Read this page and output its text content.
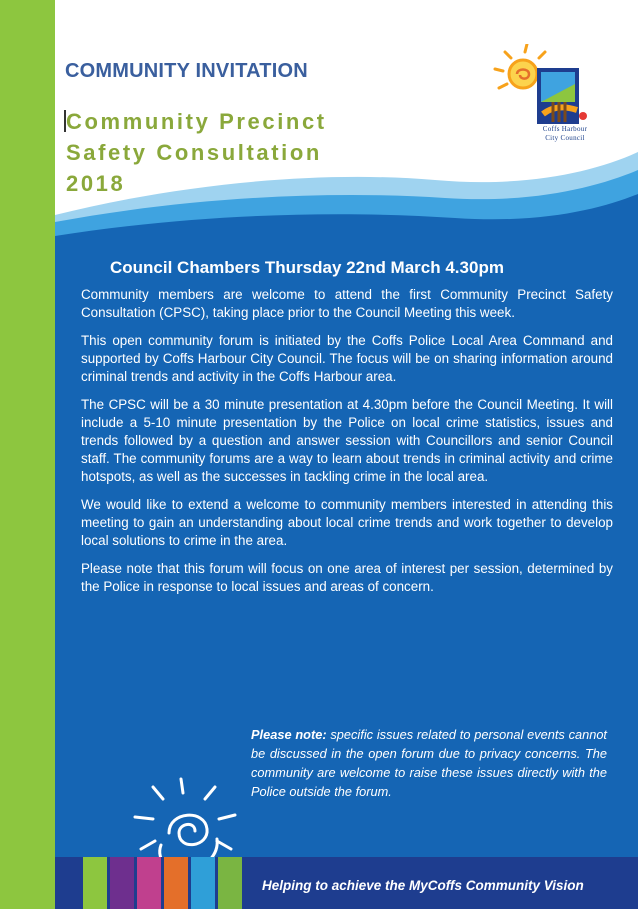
COMMUNITY INVITATION
Community Precinct
Safety Consultation
2018
Coffs Harbour
City Council
Council Chambers Thursday 22nd March 4.30pm

Community members are welcome to attend the first Community Precinct Safety Consultation (CPSC), taking place prior to the Council Meeting this week.

This open community forum is initiated by the Coffs Police Local Area Command and supported by Coffs Harbour City Council. The focus will be on sharing information around criminal trends and activity in the Coffs Harbour area.

The CPSC will be a 30 minute presentation at 4.30pm before the Council Meeting. It will include a 5-10 minute presentation by the Police on local crime statistics, issues and trends followed by a question and answer session with Councillors and senior Council staff. The community forums are a way to learn about trends in criminal activity and crime hotspots, as well as the successes in tackling crime in the local area.

We would like to extend a welcome to community members interested in attending this meeting to gain an understanding about local crime trends and work together to develop local solutions to crime in the area.

Please note that this forum will focus on one area of interest per session, determined by the Police in response to local issues and areas of concern.

Please note: specific issues related to personal events cannot be discussed in the open forum due to privacy concerns. The community are welcome to raise these issues directly with the Police outside the forum.

Helping to achieve the MyCoffs Community Vision
